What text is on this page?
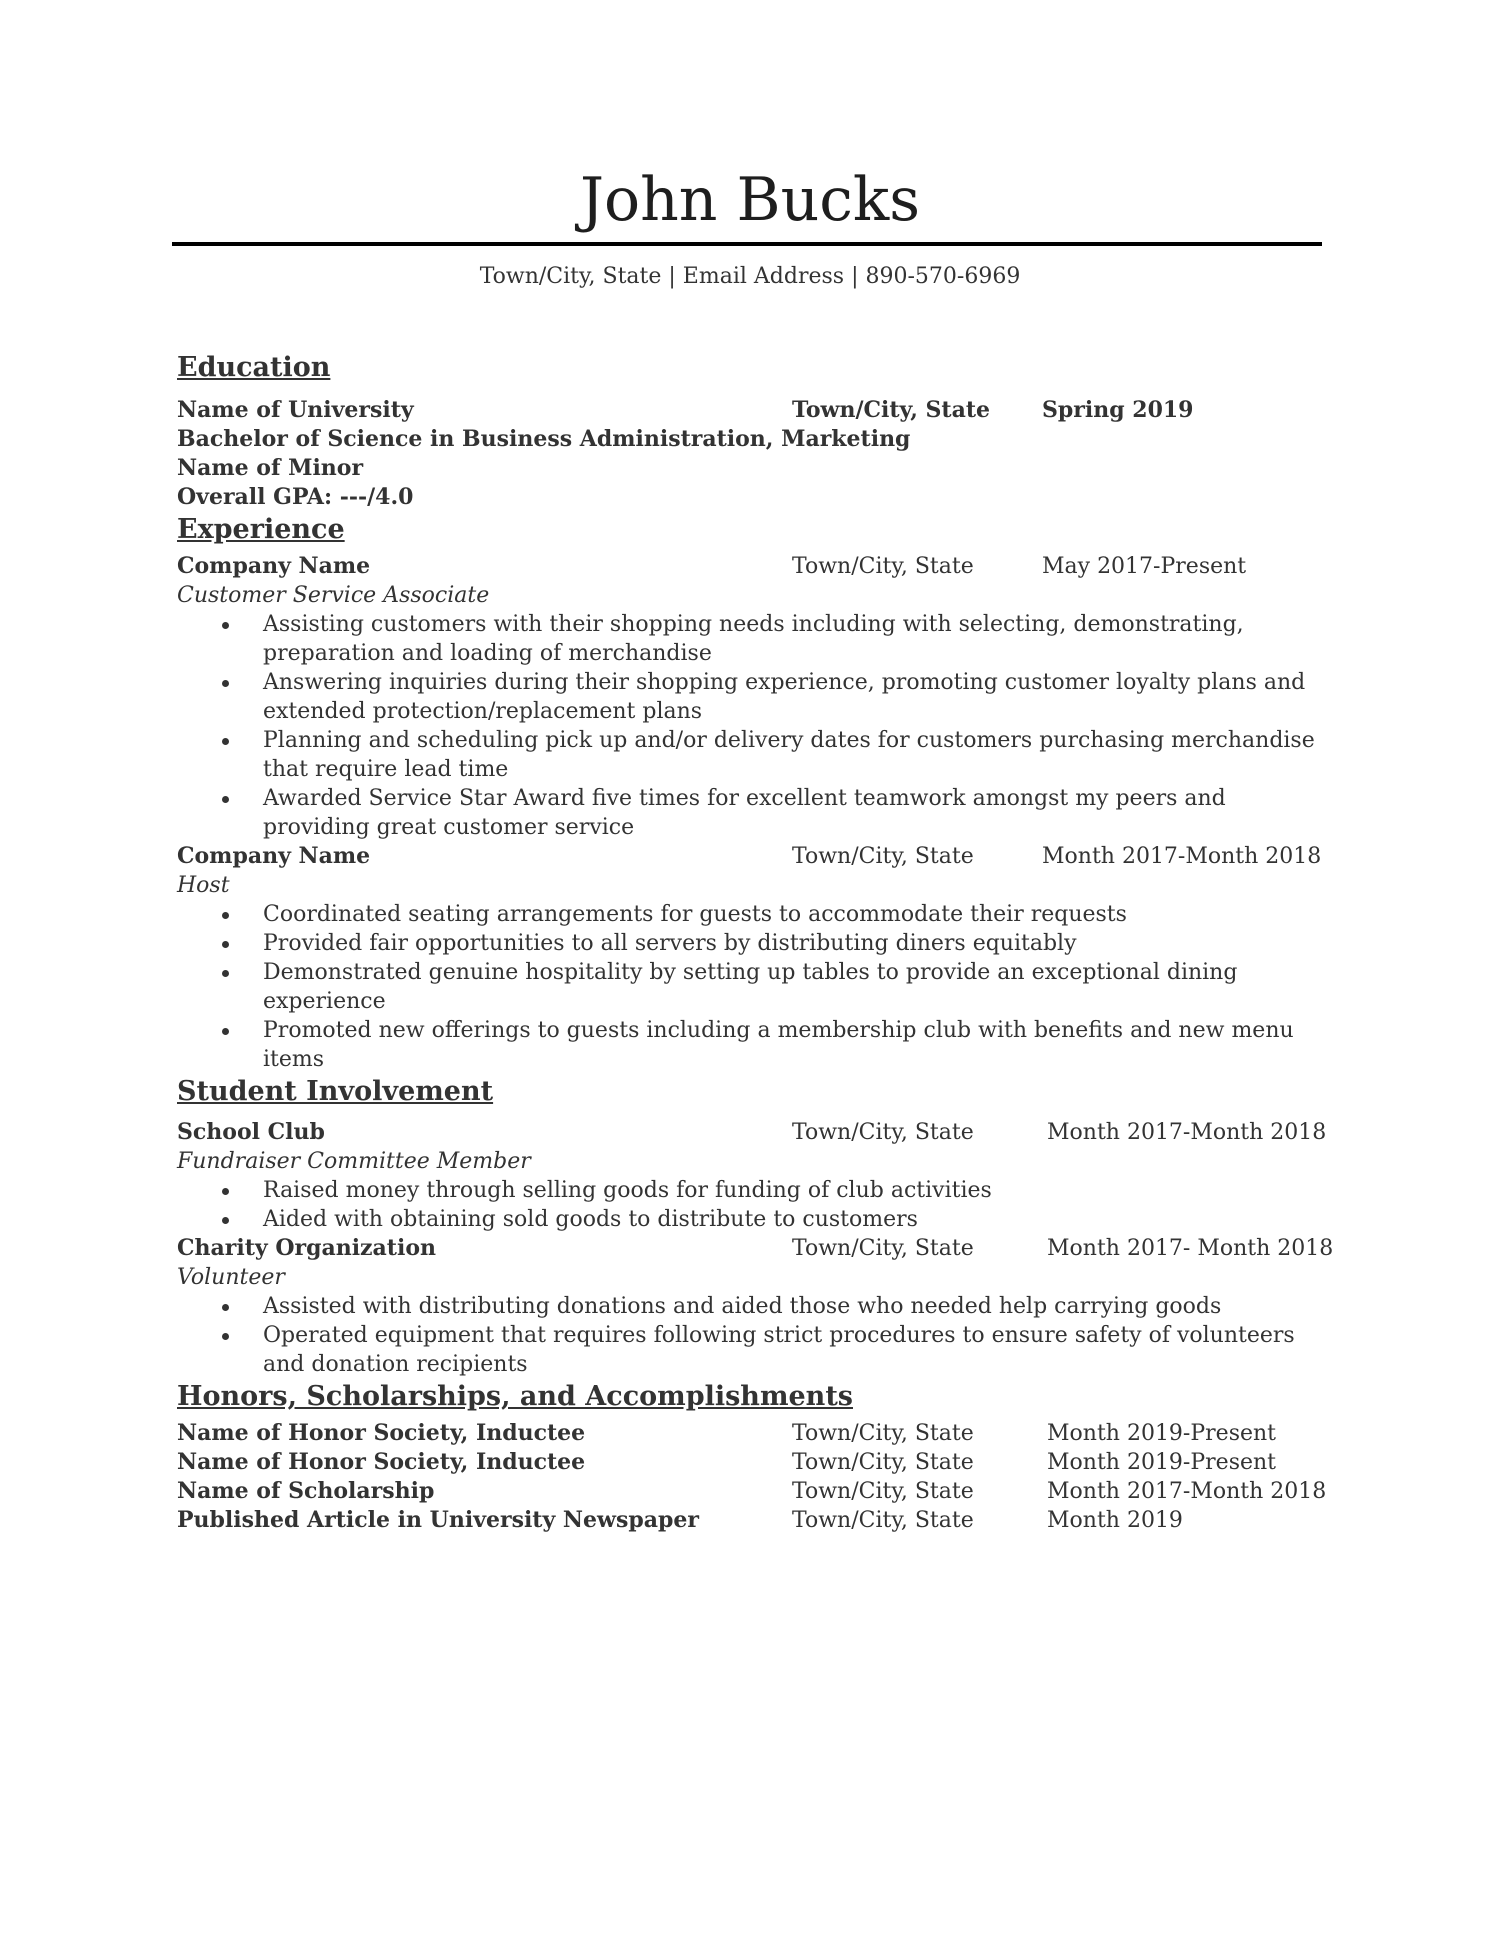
John Bucks
Town/City, State | Email Address | 890-570-6969
Education
Name of University	Town/City, State Spring 2019
Bachelor of Science in Business Administration, Marketing
Name of Minor
Overall GPA: ---/4.0
Experience
Company Name	Town/City, State	May 2017-Present
Customer Service Associate
Assisting customers with their shopping needs including with selecting, demonstrating, preparation and loading of merchandise
Answering inquiries during their shopping experience, promoting customer loyalty plans and extended protection/replacement plans
Planning and scheduling pick up and/or delivery dates for customers purchasing merchandise that require lead time
Awarded Service Star Award five times for excellent teamwork amongst my peers and providing great customer service
Company Name	Town/City, State	Month 2017-Month 2018
Host
Coordinated seating arrangements for guests to accommodate their requests
Provided fair opportunities to all servers by distributing diners equitably
Demonstrated genuine hospitality by setting up tables to provide an exceptional dining experience
Promoted new offerings to guests including a membership club with benefits and new menu items
Student Involvement
School Club	Town/City, State	Month 2017-Month 2018
Fundraiser Committee Member
Raised money through selling goods for funding of club activities
Aided with obtaining sold goods to distribute to customers
Charity Organization	Town/City, State	Month 2017- Month 2018
Volunteer
Assisted with distributing donations and aided those who needed help carrying goods
Operated equipment that requires following strict procedures to ensure safety of volunteers and donation recipients
Honors, Scholarships, and Accomplishments
Name of Honor Society, Inductee	Town/City, State	Month 2019-Present
Name of Honor Society, Inductee	Town/City, State	Month 2019-Present
Name of Scholarship	Town/City, State	Month 2017-Month 2018
Published Article in University Newspaper	Town/City, State	Month 2019
